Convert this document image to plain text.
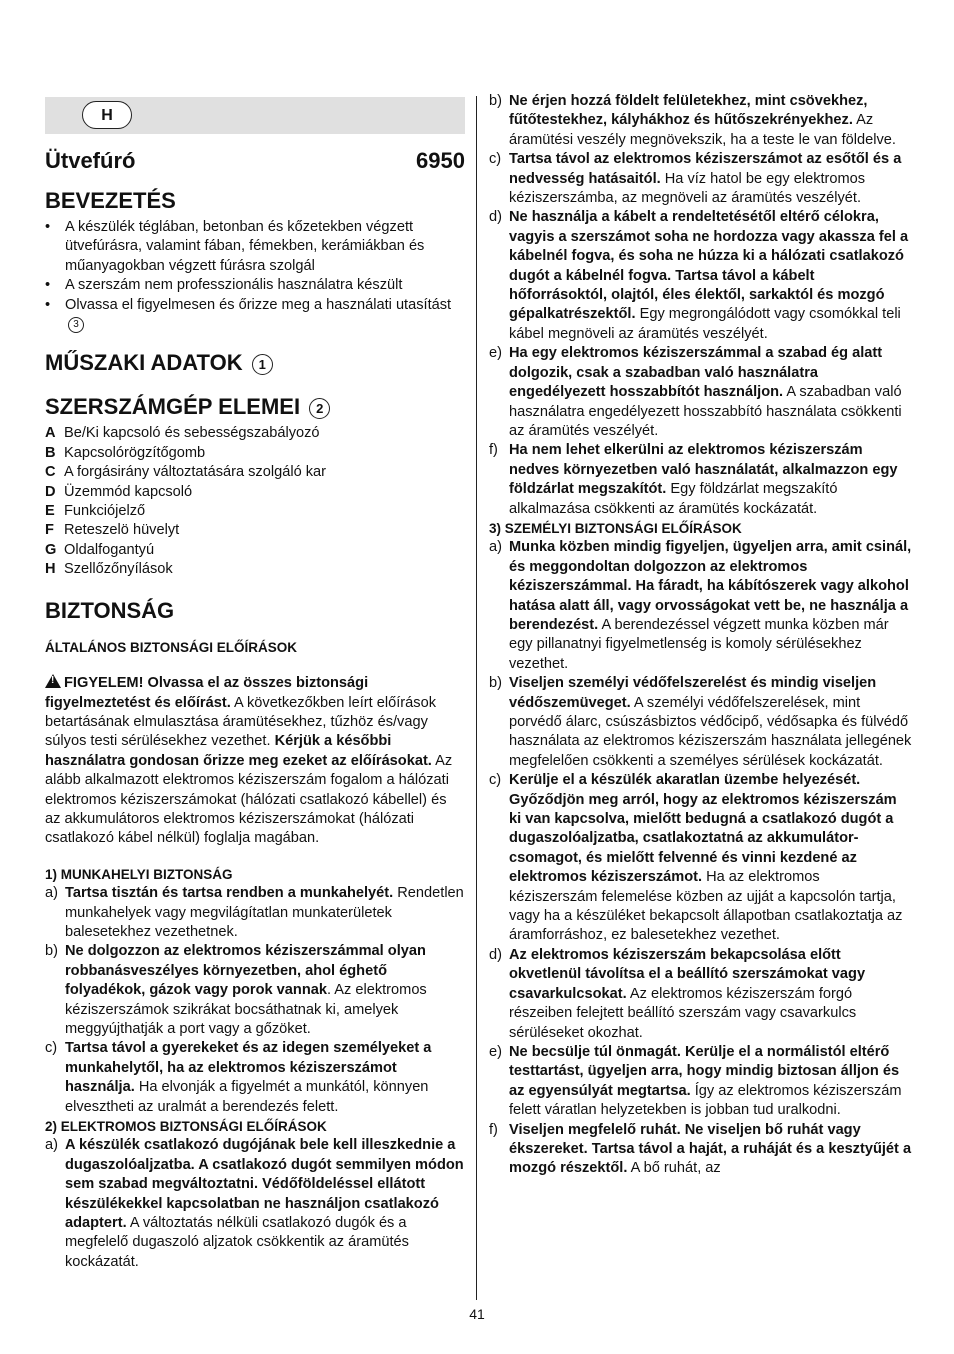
H
Ütvefúró	6950
BEVEZETÉS
• A készülék téglában, betonban és kőzetekben végzett ütvefúrásra, valamint fában, fémekben, kerámiákban és műanyagokban végzett fúrásra szolgál
• A szerszám nem professzionális használatra készült
• Olvassa el figyelmesen és őrizze meg a használati utasítást3
MŰSZAKI ADATOK 1
SZERSZÁMGÉP ELEMEI 2
A Be/Ki kapcsoló és sebességszabályozó
B Kapcsolórögzítőgomb
C A forgásirány változtatására szolgáló kar
D Üzemmód kapcsoló
E Funkciójelző
F Reteszelö hüvelyt
G Oldalfogantyú
H Szellőzőnyílások
BIZTONSÁG
ÁLTALÁNOS BIZTONSÁGI ELŐÍRÁSOK
!FIGYELEM! Olvassa el az összes biztonsági figyelmeztetést és előírást. A következőkben leírt előírások betartásának elmulasztása áramütésekhez, tűzhöz és/vagy súlyos testi sérülésekhez vezethet. Kérjük a későbbi használatra gondosan őrizze meg ezeket az előírásokat. Az alább alkalmazott elektromos kéziszerszám fogalom a hálózati elektromos kéziszerszámokat (hálózati csatlakozó kábellel) és az akkumulátoros elektromos kéziszerszámokat (hálózati csatlakozó kábel nélkül) foglalja magában.
1) MUNKAHELYI BIZTONSÁG
a) Tartsa tisztán és tartsa rendben a munkahelyét. Rendetlen munkahelyek vagy megvilágítatlan munkaterületek balesetekhez vezethetnek.
b) Ne dolgozzon az elektromos kéziszerszámmal olyan robbanásveszélyes környezetben, ahol éghető folyadékok, gázok vagy porok vannak. Az elektromos kéziszerszámok szikrákat bocsáthatnak ki, amelyek meggyújthatják a port vagy a gőzöket.
c) Tartsa távol a gyerekeket és az idegen személyeket a munkahelytől, ha az elektromos kéziszerszámot használja. Ha elvonják a figyelmét a munkától, könnyen elvesztheti az uralmát a berendezés felett.
2) ELEKTROMOS BIZTONSÁGI ELŐÍRÁSOK
a) A készülék csatlakozó dugójának bele kell illeszkednie a dugaszolóaljzatba. A csatlakozó dugót semmilyen módon sem szabad megváltoztatni. Védőföldeléssel ellátott készülékekkel kapcsolatban ne használjon csatlakozó adaptert. A változtatás nélküli csatlakozó dugók és a megfelelő dugaszoló aljzatok csökkentik az áramütés kockázatát.
b) Ne érjen hozzá földelt felületekhez, mint csövekhez, fűtőtestekhez, kályhákhoz és hűtőszekrényekhez. Az áramütési veszély megnövekszik, ha a teste le van földelve.
c) Tartsa távol az elektromos kéziszerszámot az esőtől és a nedvesség hatásaitól. Ha víz hatol be egy elektromos kéziszerszámba, az megnöveli az áramütés veszélyét.
d) Ne használja a kábelt a rendeltetésétől eltérő célokra, vagyis a szerszámot soha ne hordozza vagy akassza fel a kábelnél fogva, és soha ne húzza ki a hálózati csatlakozó dugót a kábelnél fogva. Tartsa távol a kábelt hőforrásoktól, olajtól, éles élektől, sarkaktól és mozgó gépalkatrészektől. Egy megrongálódott vagy csomókkal teli kábel megnöveli az áramütés veszélyét.
e) Ha egy elektromos kéziszerszámmal a szabad ég alatt dolgozik, csak a szabadban való használatra engedélyezett hosszabbítót használjon. A szabadban való használatra engedélyezett hosszabbító használata csökkenti az áramütés veszélyét.
f) Ha nem lehet elkerülni az elektromos kéziszerszám nedves környezetben való használatát, alkalmazzon egy földzárlat megszakítót. Egy földzárlat megszakító alkalmazása csökkenti az áramütés kockázatát.
3) SZEMÉLYI BIZTONSÁGI ELŐÍRÁSOK
a) Munka közben mindig figyeljen, ügyeljen arra, amit csinál, és meggondoltan dolgozzon az elektromos kéziszerszámmal. Ha fáradt, ha kábítószerek vagy alkohol hatása alatt áll, vagy orvosságokat vett be, ne használja a berendezést. A berendezéssel végzett munka közben már egy pillanatnyi figyelmetlenség is komoly sérülésekhez vezethet.
b) Viseljen személyi védőfelszerelést és mindig viseljen védőszemüveget. A személyi védőfelszerelések, mint porvédő álarc, csúszásbiztos védőcipő, védősapka és fülvédő használata az elektromos kéziszerszám használata jellegének megfelelően csökkenti a személyes sérülések kockázatát.
c) Kerülje el a készülék akaratlan üzembe helyezését. Győződjön meg arról, hogy az elektromos kéziszerszám ki van kapcsolva, mielőtt bedugná a csatlakozó dugót a dugaszolóaljzatba, csatlakoztatná az akkumulátor-csomagot, és mielőtt felvenné és vinni kezdené az elektromos kéziszerszámot. Ha az elektromos kéziszerszám felemelése közben az ujját a kapcsolón tartja, vagy ha a készüléket bekapcsolt állapotban csatlakoztatja az áramforráshoz, ez balesetekhez vezethet.
d) Az elektromos kéziszerszám bekapcsolása előtt okvetlenül távolítsa el a beállító szerszámokat vagy csavarkulcsokat. Az elektromos kéziszerszám forgó részeiben felejtett beállító szerszám vagy csavarkulcs sérüléseket okozhat.
e) Ne becsülje túl önmagát. Kerülje el a normálistól eltérő testtartást, ügyeljen arra, hogy mindig biztosan álljon és az egyensúlyát megtartsa. Így az elektromos kéziszerszám felett váratlan helyzetekben is jobban tud uralkodni.
f) Viseljen megfelelő ruhát. Ne viseljen bő ruhát vagy ékszereket. Tartsa távol a haját, a ruháját és a kesztyűjét a mozgó részektől. A bő ruhát, az
41
